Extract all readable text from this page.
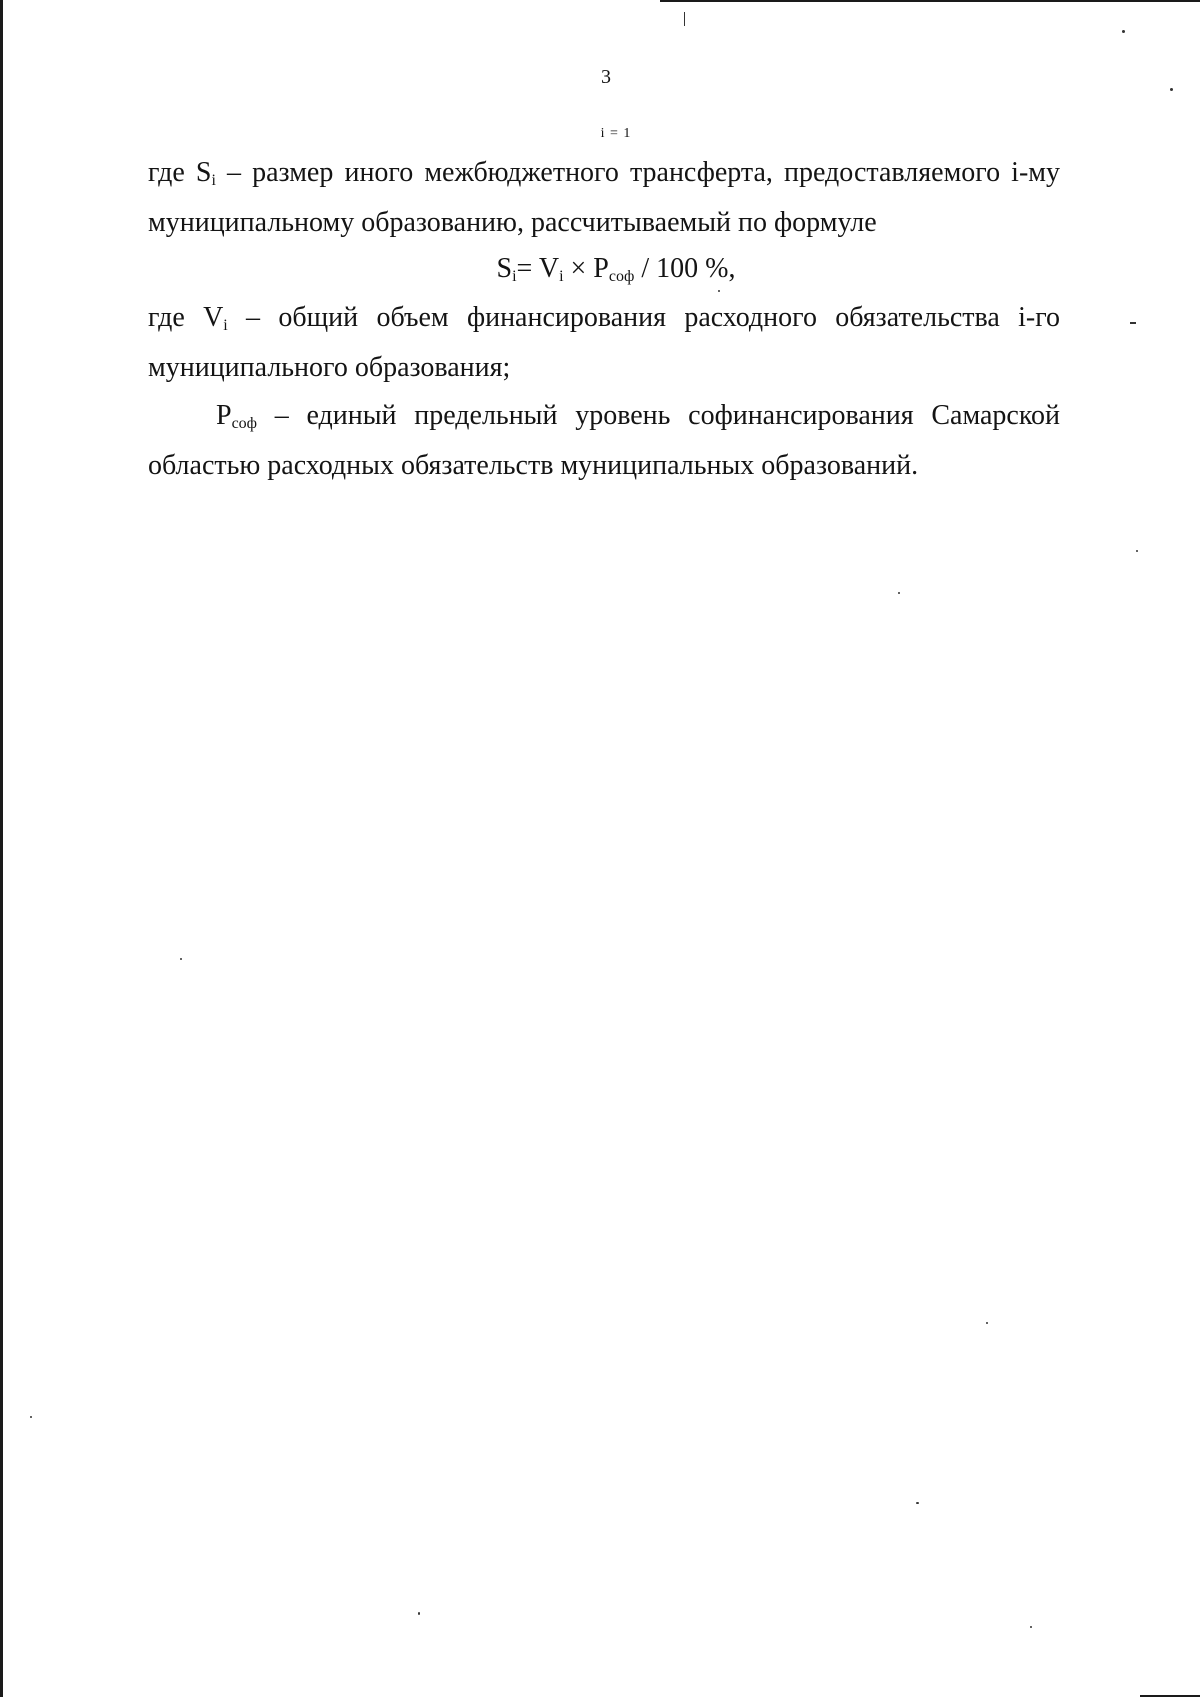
3
i = 1
где $S_i$ – размер иного межбюджетного трансферта, предоставляемого i-му муниципальному образованию, рассчитываемый по формуле
$S_i= V_i \times P_{соф} / 100$ %,
где $V_i$ – общий объем финансирования расходного обязательства i-го муниципального образования;
$P_{соф}$ – единый предельный уровень софинансирования Самарской областью расходных обязательств муниципальных образований.
